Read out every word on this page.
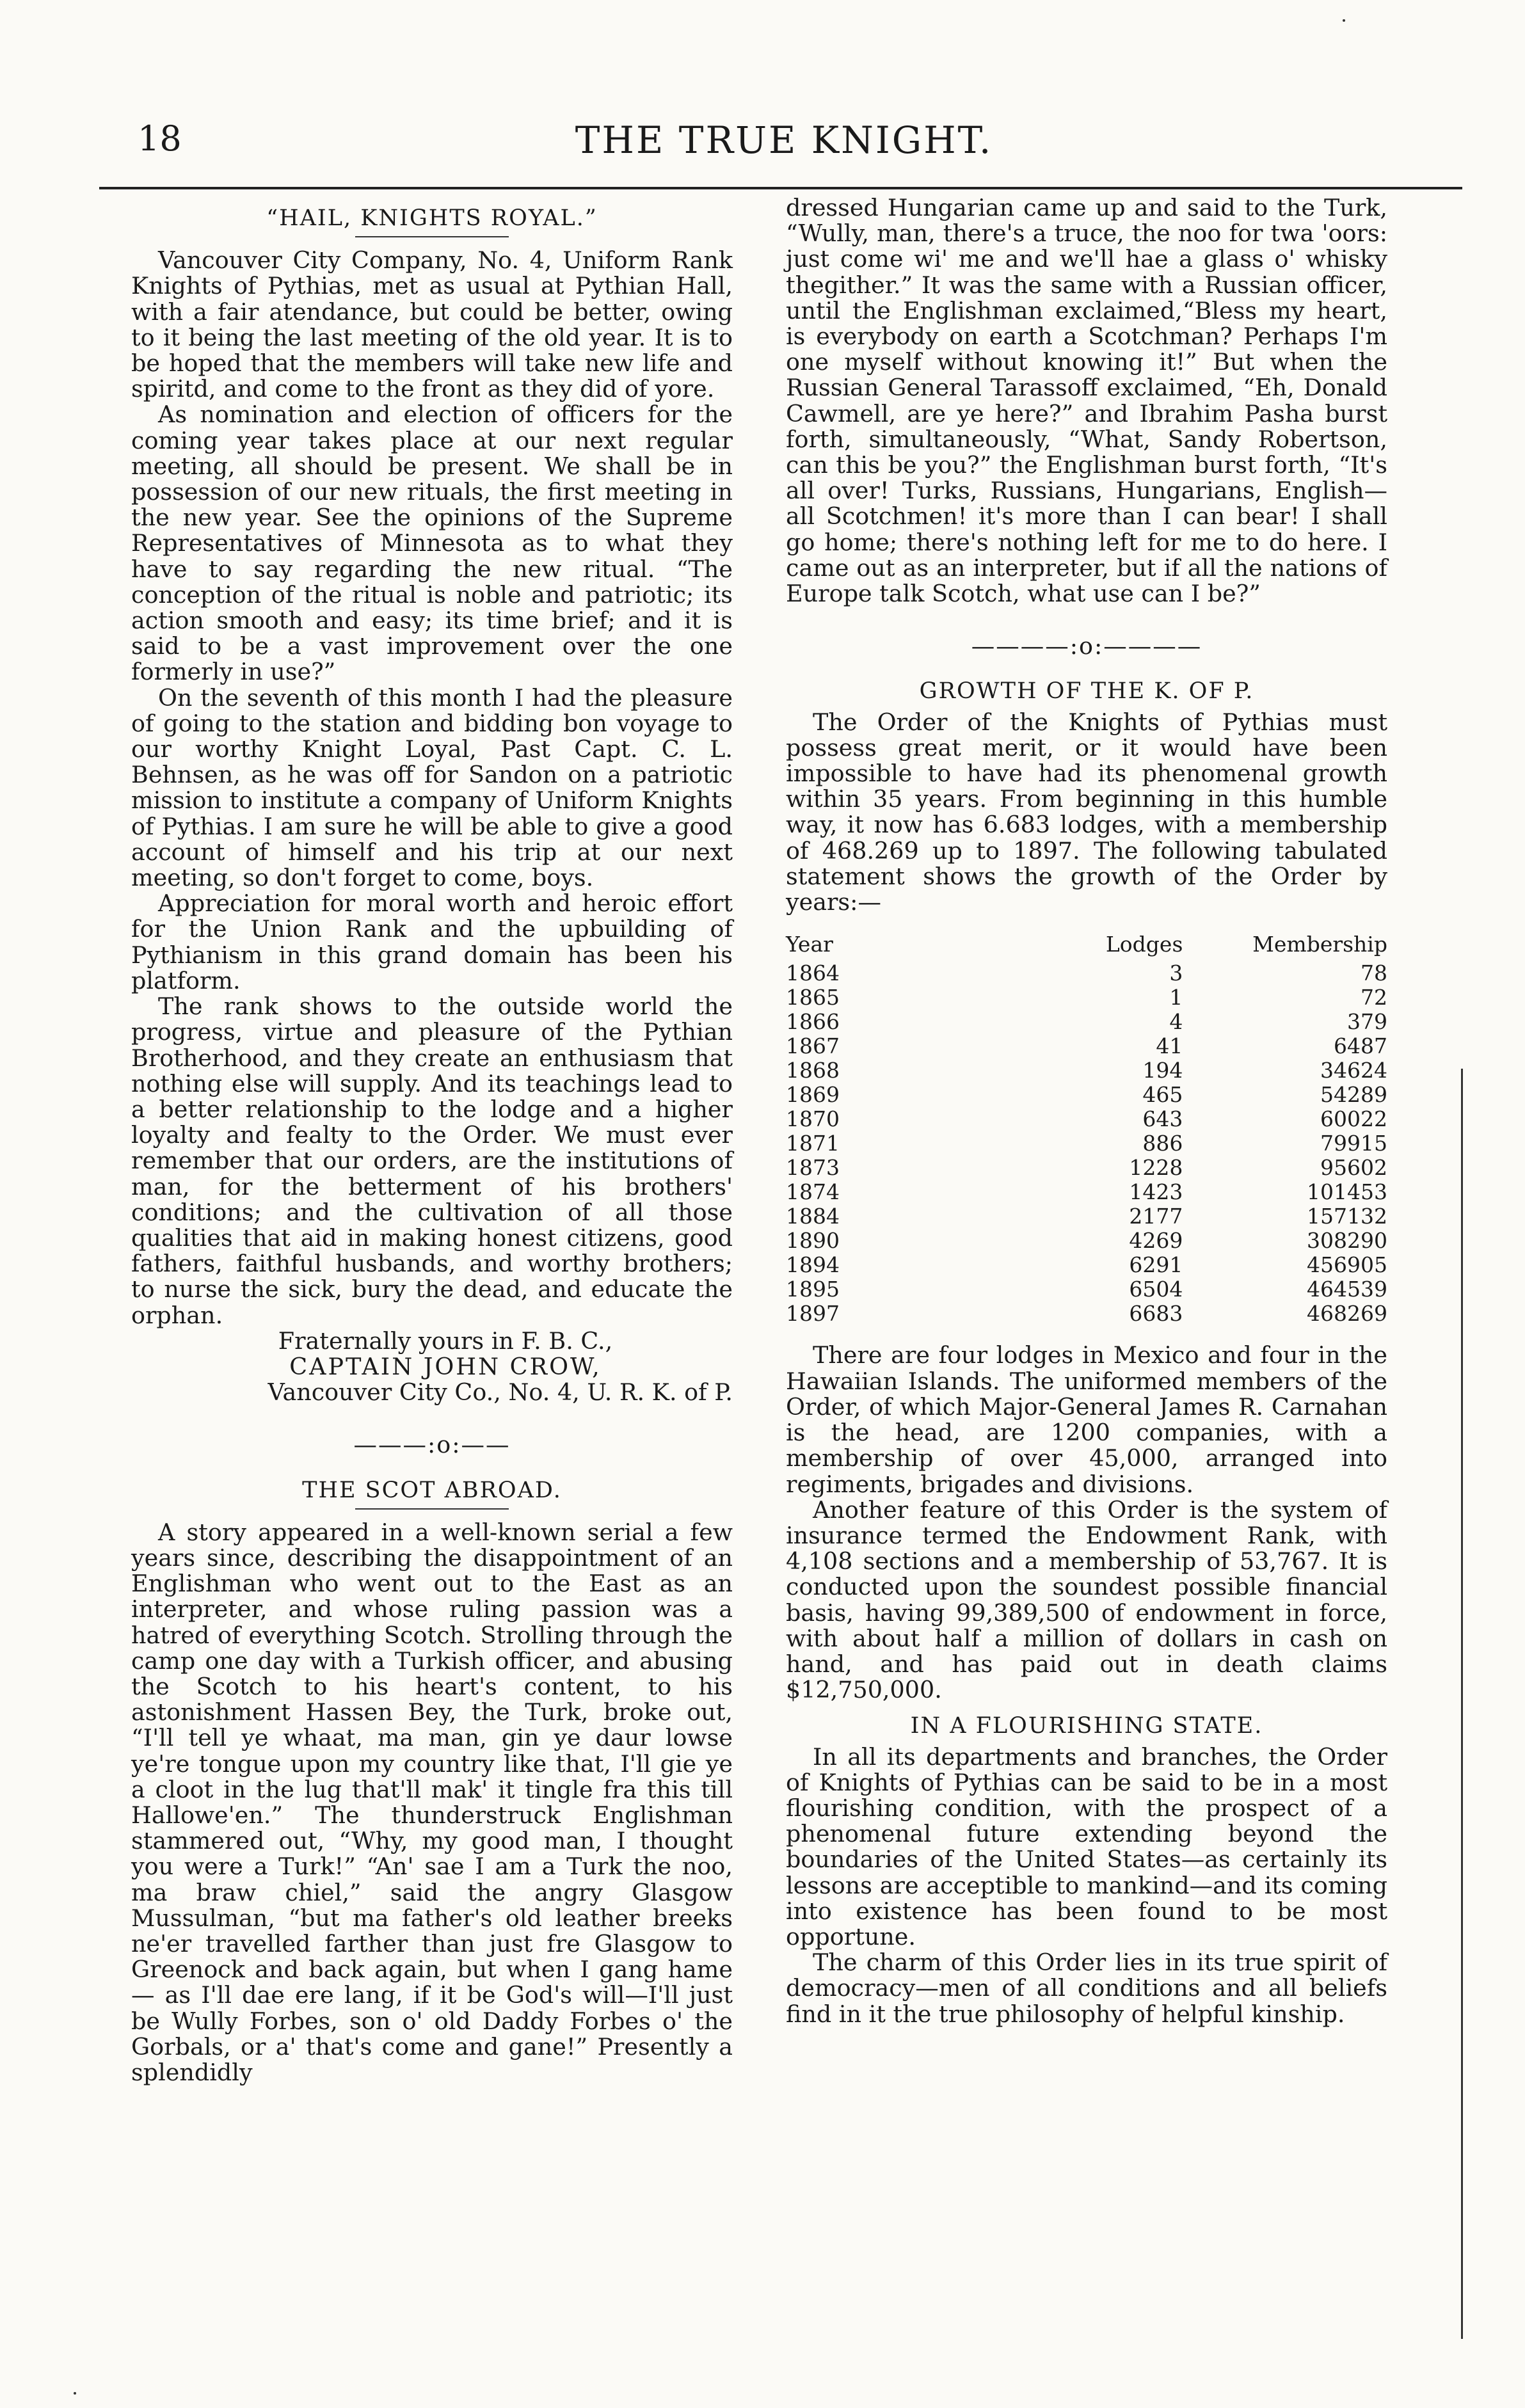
THE TRUE KNIGHT.
18
“HAIL, KNIGHTS ROYAL.”

Vancouver City Company, No. 4, Uniform Rank Knights of Pythias, met as usual at Pythian Hall, with a fair atendance, but could be better, owing to it being the last meeting of the old year. It is to be hoped that the members will take new life and spiritd, and come to the front as they did of yore.

As nomination and election of officers for the coming year takes place at our next regular meeting, all should be present. We shall be in possession of our new rituals, the first meeting in the new year. See the opinions of the Supreme Representatives of Minnesota as to what they have to say regarding the new ritual. “The conception of the ritual is noble and patriotic; its action smooth and easy; its time brief; and it is said to be a vast improvement over the one formerly in use?”

On the seventh of this month I had the pleasure of going to the station and bidding bon voyage to our worthy Knight Loyal, Past Capt. C. L. Behnsen, as he was off for Sandon on a patriotic mission to institute a company of Uniform Knights of Pythias. I am sure he will be able to give a good account of himself and his trip at our next meeting, so don't forget to come, boys.

Appreciation for moral worth and heroic effort for the Union Rank and the upbuilding of Pythianism in this grand domain has been his platform.

The rank shows to the outside world the progress, virtue and pleasure of the Pythian Brotherhood, and they create an enthusiasm that nothing else will supply. And its teachings lead to a better relationship to the lodge and a higher loyalty and fealty to the Order. We must ever remember that our orders, are the institutions of man, for the betterment of his brothers' conditions; and the cultivation of all those qualities that aid in making honest citizens, good fathers, faithful husbands, and worthy brothers; to nurse the sick, bury the dead, and educate the orphan.

Fraternally yours in F. B. C.,

CAPTAIN JOHN CROW,

Vancouver City Co., No. 4, U. R. K. of P.

———:o:——
THE SCOT ABROAD.

A story appeared in a well-known serial a few years since, describing the disappointment of an Englishman who went out to the East as an interpreter, and whose ruling passion was a hatred of everything Scotch. Strolling through the camp one day with a Turkish officer, and abusing the Scotch to his heart's content, to his astonishment Hassen Bey, the Turk, broke out, “I'll tell ye whaat, ma man, gin ye daur lowse ye're tongue upon my country like that, I'll gie ye a cloot in the lug that'll mak' it tingle fra this till Hallowe'en.” The thunderstruck Englishman stammered out, “Why, my good man, I thought you were a Turk!” “An' sae I am a Turk the noo, ma braw chiel,” said the angry Glasgow Mussulman, “but ma father's old leather breeks ne'er travelled farther than just fre Glasgow to Greenock and back again, but when I gang hame— as I'll dae ere lang, if it be God's will—I'll just be Wully Forbes, son o' old Daddy Forbes o' the Gorbals, or a' that's come and gane!” Presently a splendidly

dressed Hungarian came up and said to the Turk, “Wully, man, there's a truce, the noo for twa 'oors: just come wi' me and we'll hae a glass o' whisky thegither.” It was the same with a Russian officer, until the Englishman exclaimed,“Bless my heart, is everybody on earth a Scotchman? Perhaps I'm one myself without knowing it!” But when the Russian General Tarassoff exclaimed, “Eh, Donald Cawmell, are ye here?” and Ibrahim Pasha burst forth, simultaneously, “What, Sandy Robertson, can this be you?” the Englishman burst forth, “It's all over! Turks, Russians, Hungarians, English—all Scotchmen! it's more than I can bear! I shall go home; there's nothing left for me to do here. I came out as an interpreter, but if all the nations of Europe talk Scotch, what use can I be?”

————:o:————
GROWTH OF THE K. OF P.

The Order of the Knights of Pythias must possess great merit, or it would have been impossible to have had its phenomenal growth within 35 years. From beginning in this humble way, it now has 6.683 lodges, with a membership of 468.269 up to 1897. The following tabulated statement shows the growth of the Order by years:—

Year	Lodges	Membership
1864	3	78
1865	1	72
1866	4	379
1867	41	6487
1868	194	34624
1869	465	54289
1870	643	60022
1871	886	79915
1873	1228	95602
1874	1423	101453
1884	2177	157132
1890	4269	308290
1894	6291	456905
1895	6504	464539
1897	6683	468269

There are four lodges in Mexico and four in the Hawaiian Islands. The uniformed members of the Order, of which Major-General James R. Carnahan is the head, are 1200 companies, with a membership of over 45,000, arranged into regiments, brigades and divisions.

Another feature of this Order is the system of insurance termed the Endowment Rank, with 4,108 sections and a membership of 53,767. It is conducted upon the soundest possible financial basis, having 99,389,500 of endowment in force, with about half a million of dollars in cash on hand, and has paid out in death claims $12,750,000.

IN A FLOURISHING STATE.

In all its departments and branches, the Order of Knights of Pythias can be said to be in a most flourishing condition, with the prospect of a phenomenal future extending beyond the boundaries of the United States—as certainly its lessons are acceptible to mankind—and its coming into existence has been found to be most opportune.

The charm of this Order lies in its true spirit of democracy—men of all conditions and all beliefs find in it the true philosophy of helpful kinship.
